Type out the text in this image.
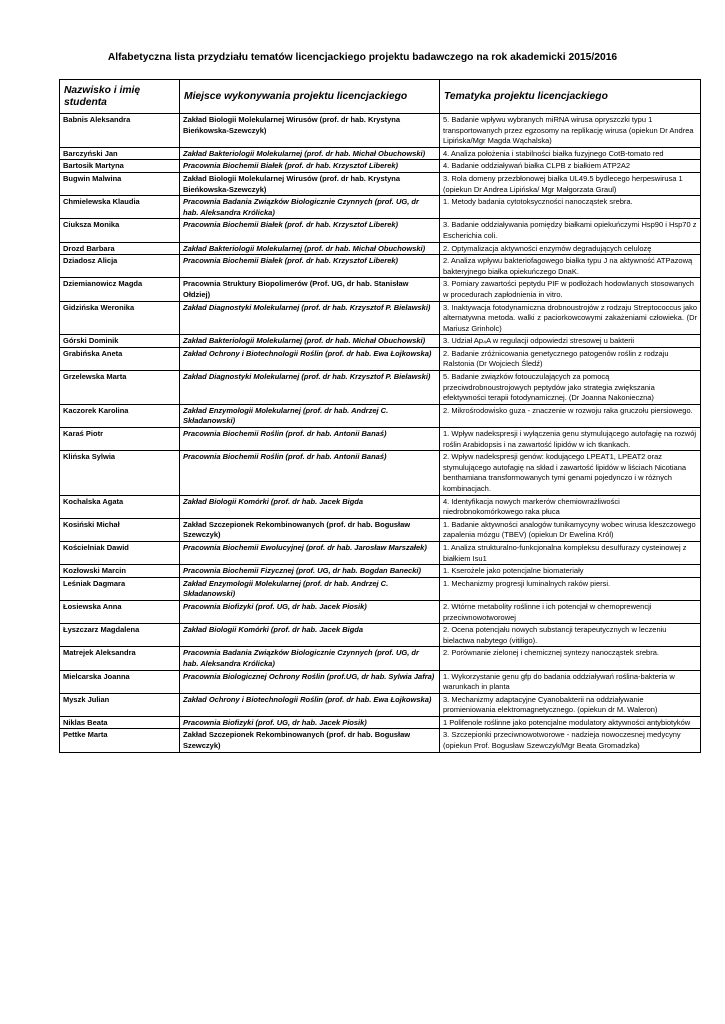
Alfabetyczna lista przydziału tematów licencjackiego projektu badawczego na rok akademicki 2015/2016
Nazwisko i imię studenta	Miejsce wykonywania projektu licencjackiego	Tematyka projektu licencjackiego
Babnis Aleksandra	Zakład Biologii Molekularnej Wirusów (prof. dr hab. Krystyna Bieńkowska-Szewczyk)	5. Badanie wpływu wybranych miRNA wirusa opryszczki typu 1 transportowanych przez egzosomy na replikację wirusa (opiekun Dr Andrea Lipińska/Mgr Magda Wąchalska)
Barczyński Jan	Zakład Bakteriologii Molekularnej (prof. dr hab. Michał Obuchowski)	4. Analiza położenia i stabilności białka fuzyjnego CotB-tomato red
Bartosik Martyna	Pracownia Biochemii Białek (prof. dr hab. Krzysztof Liberek)	4. Badanie oddziaływań białka CLPB z białkiem ATP2A2
Bugwin Malwina	Zakład Biologii Molekularnej Wirusów (prof. dr hab. Krystyna Bieńkowska-Szewczyk)	3. Rola domeny przezbłonowej białka UL49.5 bydlecego herpeswirusa 1 (opiekun Dr Andrea Lipińska/ Mgr Małgorzata Graul)
Chmielewska Klaudia	Pracownia Badania Związków Biologicznie Czynnych (prof. UG, dr hab. Aleksandra Królicka)	1. Metody badania cytotoksyczności nanocząstek srebra.
Ciuksza Monika	Pracownia Biochemii Białek (prof. dr hab. Krzysztof Liberek)	3. Badanie oddziaływania pomiędzy białkami opiekuńczymi Hsp90 i Hsp70 z Escherichia coli.
Drozd Barbara	Zakład Bakteriologii Molekularnej (prof. dr hab. Michał Obuchowski)	2. Optymalizacja aktywności enzymów degradujących celulozę
Dziadosz Alicja	Pracownia Biochemii Białek (prof. dr hab. Krzysztof Liberek)	2. Analiza wpływu bakteriofagowego białka typu J na aktywność ATPazową bakteryjnego białka opiekuńczego DnaK.
Dziemianowicz Magda	Pracownia Struktury Biopolimerów (Prof. UG, dr hab. Stanisław Ołdziej)	3. Pomiary zawartości peptydu PIF w podłożach hodowlanych stosowanych w procedurach zapłodnienia in vitro.
Gidzińska Weronika	Zakład Diagnostyki Molekularnej (prof. dr hab. Krzysztof P. Bielawski)	3. Inaktywacja fotodynamiczna drobnoustrojów z rodzaju Streptococcus jako alternatywna metoda. walki z paciorkowcowymi zakażeniami człowieka. (Dr Mariusz Grinholc)
Górski Dominik	Zakład Bakteriologii Molekularnej (prof. dr hab. Michał Obuchowski)	3. Udział Ap₄A w regulacji odpowiedzi stresowej u bakterii
Grabińska Aneta	Zakład Ochrony i Biotechnologii Roślin (prof. dr hab. Ewa Łojkowska)	2. Badanie zróżnicowania genetycznego patogenów roślin z rodzaju Ralstonia (Dr Wojciech Śledź)
Grzelewska Marta	Zakład Diagnostyki Molekularnej (prof. dr hab. Krzysztof P. Bielawski)	5. Badanie związków fotouczulających za pomocą przeciwdrobnoustrojowych peptydów jako strategia zwiększania efektywności terapii fotodynamicznej. (Dr Joanna Nakonieczna)
Kaczorek Karolina	Zakład Enzymologii Molekularnej (prof. dr hab. Andrzej C. Składanowski)	2. Mikrośrodowisko guza - znaczenie w rozwoju raka gruczołu piersiowego.
Karaś Piotr	Pracownia Biochemii Roślin (prof. dr hab. Antonii Banaś)	1. Wpływ nadekspresji i wyłączenia genu stymulującego autofagię na rozwój roślin Arabidopsis i na zawartość lipidów w ich tkankach.
Klińska Sylwia	Pracownia Biochemii Roślin (prof. dr hab. Antonii Banaś)	2. Wpływ nadekspresji genów: kodującego LPEAT1, LPEAT2 oraz stymulującego autofagię na skład i zawartość lipidów w liściach Nicotiana benthamiana transformowanych tymi genami pojedynczo i w różnych kombinacjach.
Kochalska Agata	Zakład Biologii Komórki (prof. dr hab. Jacek Bigda	4. Identyfikacja nowych markerów chemiowrażliwości niedrobnokomórkowego raka płuca
Kosiński Michał	Zakład Szczepionek Rekombinowanych (prof. dr hab. Bogusław Szewczyk)	1. Badanie aktywności analogów tunikamycyny wobec wirusa kleszczowego zapalenia mózgu (TBEV) (opiekun Dr Ewelina Król)
Kościelniak Dawid	Pracownia Biochemii Ewolucyjnej (prof. dr hab. Jarosław Marszałek)	1. Analiza strukturalno-funkcjonalna kompleksu desulfurazy cysteinowej z białkiem Isu1
Kozłowski Marcin	Pracownia Biochemii Fizycznej (prof. UG, dr hab. Bogdan Banecki)	1. Kserożele jako potencjalne biomateriały
Leśniak Dagmara	Zakład Enzymologii Molekularnej (prof. dr hab. Andrzej C. Składanowski)	1. Mechanizmy progresji luminalnych raków piersi.
Łosiewska Anna	Pracownia Biofizyki (prof. UG, dr hab. Jacek Piosik)	2. Wtórne metabolity roślinne i ich potencjał w chemoprewencji przeciwnowotworowej
Łyszczarz Magdalena	Zakład Biologii Komórki (prof. dr hab. Jacek Bigda	2. Ocena potencjału nowych substancji terapeutycznych w leczeniu bielactwa nabytego (vitiligo).
Matrejek Aleksandra	Pracownia Badania Związków Biologicznie Czynnych (prof. UG, dr hab. Aleksandra Królicka)	2. Porównanie zielonej i chemicznej syntezy nanocząstek srebra.
Mielcarska Joanna	Pracownia Biologicznej Ochrony Roślin (prof.UG, dr hab. Sylwia Jafra)	1. Wykorzystanie genu gfp do badania oddziaływań roślina-bakteria w warunkach in planta
Myszk Julian	Zakład Ochrony i Biotechnologii Roślin (prof. dr hab. Ewa Łojkowska)	3. Mechanizmy adaptacyjne Cyanobakterii na oddziaływanie promieniowania elektromagnetycznego. (opiekun dr M. Waleron)
Niklas Beata	Pracownia Biofizyki (prof. UG, dr hab. Jacek Piosik)	1 Polifenole roślinne jako potencjalne modulatory aktywności antybiotyków
Pettke Marta	Zakład Szczepionek Rekombinowanych (prof. dr hab. Bogusław Szewczyk)	3. Szczepionki przeciwnowotworowe - nadzieja nowoczesnej medycyny (opiekun Prof. Bogusław Szewczyk/Mgr Beata Gromadzka)
